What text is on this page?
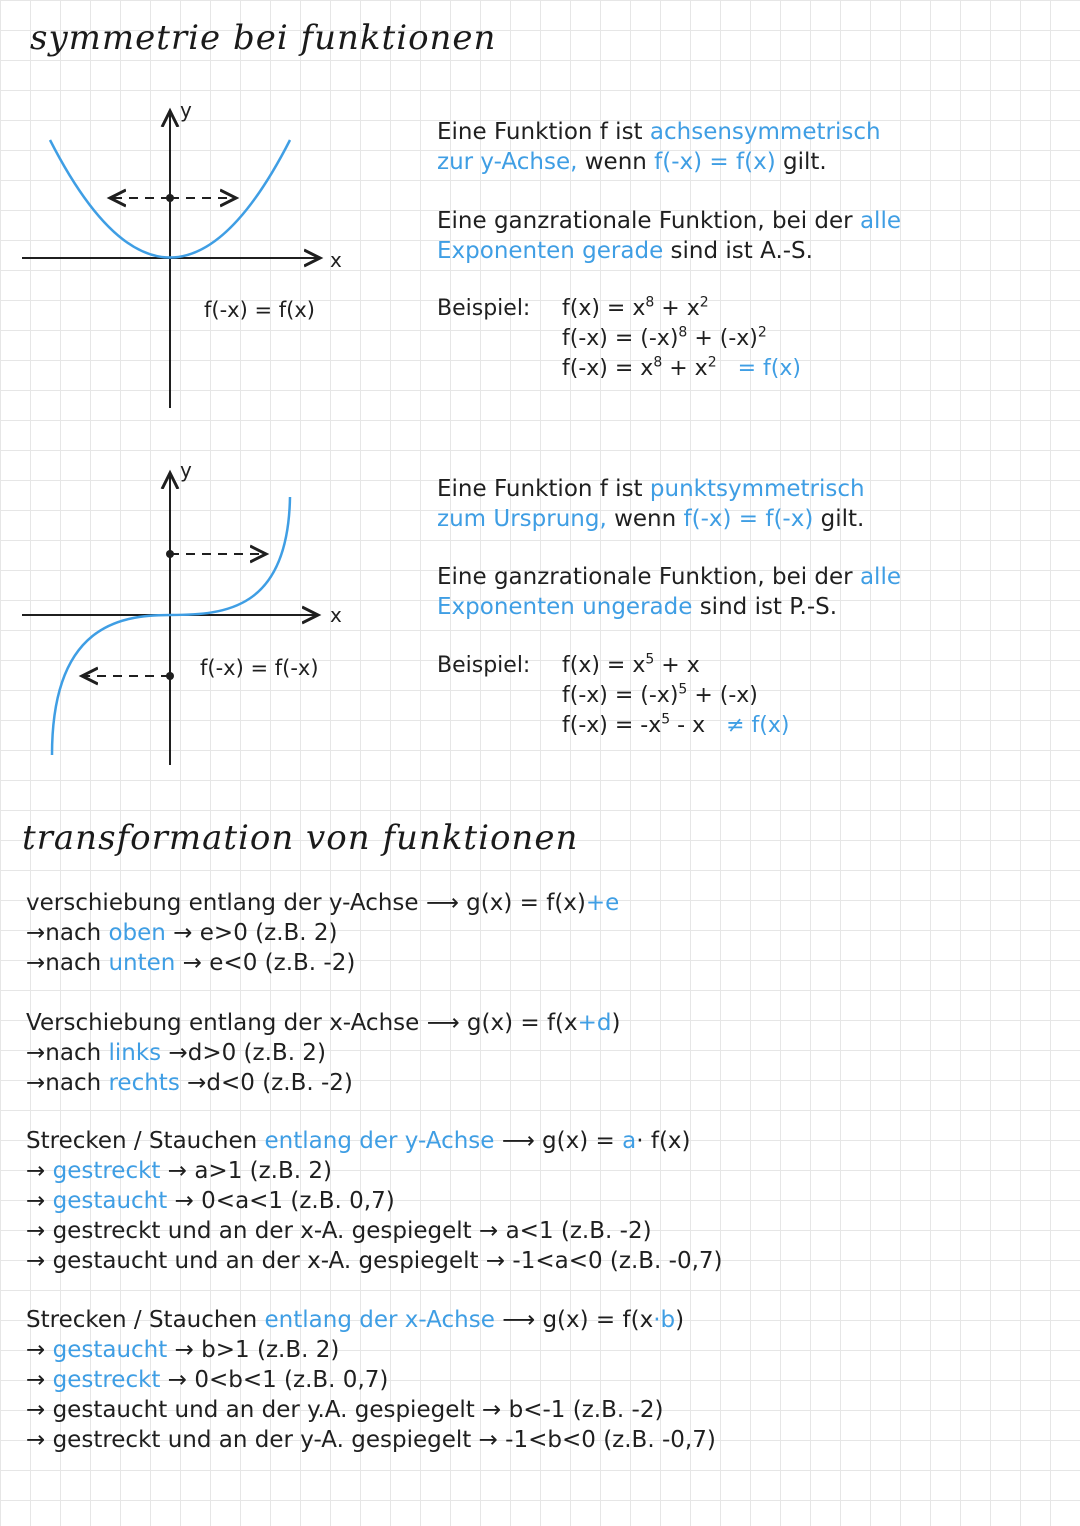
symmetrie bei funktionen
y
x
f(-x) = f(x)
Eine Funktion f ist achsensymmetrisch
zur y-Achse, wenn f(-x) = f(x) gilt.
Eine ganzrationale Funktion, bei der alle
Exponenten gerade sind ist A.-S.
Beispiel: $f(x) = x^8 + x^2$
$f(-x) = (-x)^8 + (-x)^2$
$f(-x) = x^8 + x^2 = f(x)$
y
x
f(-x) = f(-x)
Eine Funktion f ist punktsymmetrisch
zum Ursprung, wenn f(-x) = f(-x) gilt.
Eine ganzrationale Funktion, bei der alle
Exponenten ungerade sind ist P.-S.
Beispiel: $f(x) = x^5 + x$
$f(-x) = (-x)^5 + (-x)$
$f(-x) = -x^5 - x \ne f(x)$
transformation von funktionen
verschiebung entlang der y-Achse ⟶ g(x) = f(x)+e
→nach oben → e>0 (z.B. 2)
→nach unten → e<0 (z.B. -2)
Verschiebung entlang der x-Achse ⟶ g(x) = f(x+d)
→nach links →d>0 (z.B. 2)
→nach rechts →d<0 (z.B. -2)
Strecken / Stauchen entlang der y-Achse ⟶ g(x) = a· f(x)
→ gestreckt → a>1 (z.B. 2)
→ gestaucht → 0<a<1 (z.B. 0,7)
→ gestreckt und an der x-A. gespiegelt → a<1 (z.B. -2)
→ gestaucht und an der x-A. gespiegelt → -1<a<0 (z.B. -0,7)
Strecken / Stauchen entlang der x-Achse ⟶ g(x) = f(x·b)
→ gestaucht → b>1 (z.B. 2)
→ gestreckt → 0<b<1 (z.B. 0,7)
→ gestaucht und an der y.A. gespiegelt → b<-1 (z.B. -2)
→ gestreckt und an der y-A. gespiegelt → -1<b<0 (z.B. -0,7)
